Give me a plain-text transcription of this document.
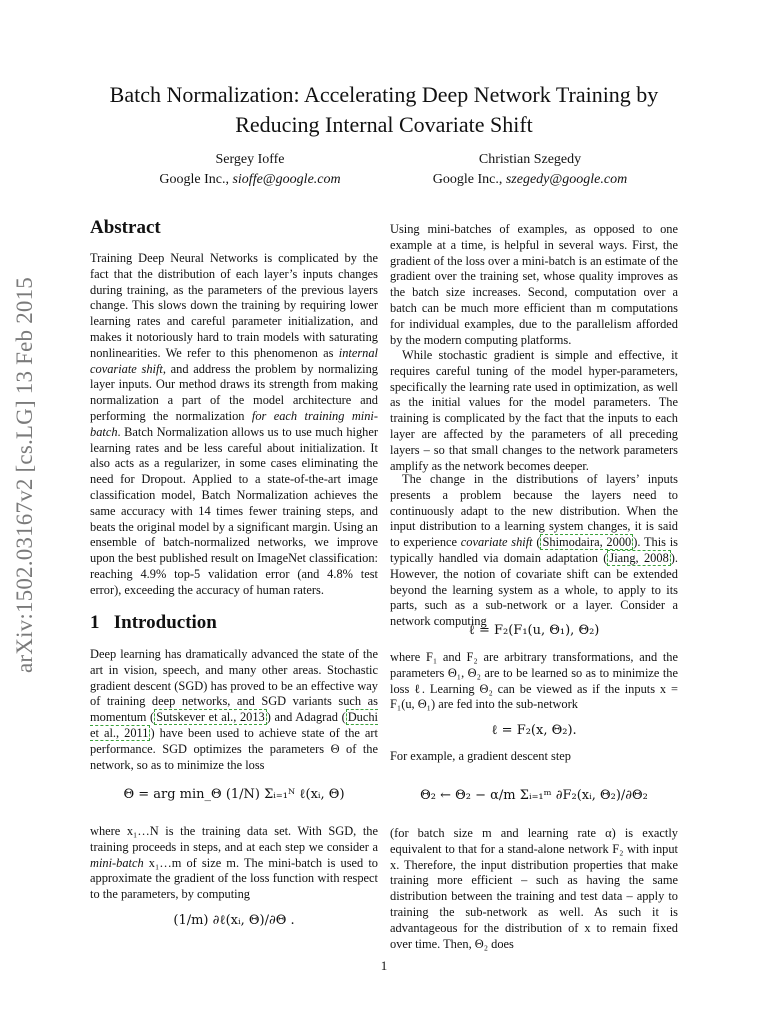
arXiv:1502.03167v2 [cs.LG] 13 Feb 2015
Batch Normalization: Accelerating Deep Network Training by
Reducing Internal Covariate Shift
Sergey Ioffe
Google Inc., sioffe@google.com
Christian Szegedy
Google Inc., szegedy@google.com
Abstract

Training Deep Neural Networks is complicated by the fact that the distribution of each layer’s inputs changes during training, as the parameters of the previous layers change. This slows down the training by requiring lower learning rates and careful parameter initialization, and makes it notoriously hard to train models with saturating nonlinearities. We refer to this phenomenon as internal covariate shift, and address the problem by normalizing layer inputs. Our method draws its strength from making normalization a part of the model architecture and performing the normalization for each training mini-batch. Batch Normalization allows us to use much higher learning rates and be less careful about initialization. It also acts as a regularizer, in some cases eliminating the need for Dropout. Applied to a state-of-the-art image classification model, Batch Normalization achieves the same accuracy with 14 times fewer training steps, and beats the original model by a significant margin. Using an ensemble of batch-normalized networks, we improve upon the best published result on ImageNet classification: reaching 4.9% top-5 validation error (and 4.8% test error), exceeding the accuracy of human raters.

1 Introduction

Deep learning has dramatically advanced the state of the art in vision, speech, and many other areas. Stochastic gradient descent (SGD) has proved to be an effective way of training deep networks, and SGD variants such as momentum ( Sutskever et al., 2013 ) and Adagrad ( Duchi et al., 2011 ) have been used to achieve state of the art performance. SGD optimizes the parameters Θ of the network, so as to minimize the loss

Θ = arg min_Θ (1/N) Σᵢ₌₁ᴺ ℓ(xᵢ, Θ)

where x₁…N is the training data set. With SGD, the training proceeds in steps, and at each step we consider a mini-batch x₁…m of size m. The mini-batch is used to approximate the gradient of the loss function with respect to the parameters, by computing

(1/m) ∂ℓ(xᵢ, Θ)/∂Θ .

Using mini-batches of examples, as opposed to one example at a time, is helpful in several ways. First, the gradient of the loss over a mini-batch is an estimate of the gradient over the training set, whose quality improves as the batch size increases. Second, computation over a batch can be much more efficient than m computations for individual examples, due to the parallelism afforded by the modern computing platforms.

While stochastic gradient is simple and effective, it requires careful tuning of the model hyper-parameters, specifically the learning rate used in optimization, as well as the initial values for the model parameters. The training is complicated by the fact that the inputs to each layer are affected by the parameters of all preceding layers – so that small changes to the network parameters amplify as the network becomes deeper.

The change in the distributions of layers’ inputs presents a problem because the layers need to continuously adapt to the new distribution. When the input distribution to a learning system changes, it is said to experience covariate shift ( Shimodaira, 2000 ). This is typically handled via domain adaptation ( Jiang, 2008 ). However, the notion of covariate shift can be extended beyond the learning system as a whole, to apply to its parts, such as a sub-network or a layer. Consider a network computing

ℓ = F₂(F₁(u, Θ₁), Θ₂)

where F₁ and F₂ are arbitrary transformations, and the parameters Θ₁, Θ₂ are to be learned so as to minimize the loss ℓ. Learning Θ₂ can be viewed as if the inputs x = F₁(u, Θ₁) are fed into the sub-network

ℓ = F₂(x, Θ₂).

For example, a gradient descent step

Θ₂ ← Θ₂ − α/m Σᵢ₌₁ᵐ ∂F₂(xᵢ, Θ₂)/∂Θ₂

(for batch size m and learning rate α) is exactly equivalent to that for a stand-alone network F₂ with input x. Therefore, the input distribution properties that make training more efficient – such as having the same distribution between the training and test data – apply to training the sub-network as well. As such it is advantageous for the distribution of x to remain fixed over time. Then, Θ₂ does

1
